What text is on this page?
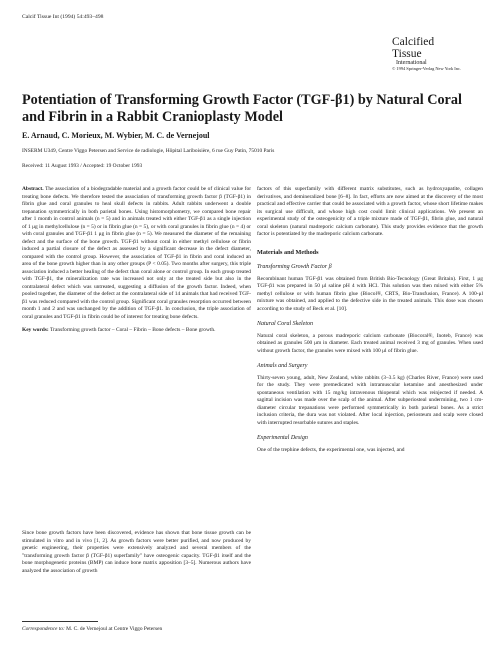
Calcif Tissue Int (1994) 54:493–498
Calcified
Tissue
International
© 1994 Springer-Verlag New York Inc.
Potentiation of Transforming Growth Factor (TGF-β1) by Natural Coral and Fibrin in a Rabbit Cranioplasty Model
E. Arnaud, C. Morieux, M. Wybier, M. C. de Vernejoul
INSERM U349, Centre Viggo Petersen and Service de radiologie, Hôpital Lariboisière, 6 rue Guy Patin, 75010 Paris
Received: 11 August 1993 / Accepted: 19 October 1993

Abstract. The association of a biodegradable material and a growth factor could be of clinical value for treating bone defects. We therefore tested the association of transforming growth factor β (TGF-β1) in fibrin glue and coral granules to heal skull defects in rabbits. Adult rabbits underwent a double trepanation symmetrically in both parietal bones. Using histomorphometry, we compared bone repair after 1 month in control animals (n = 5) and in animals treated with either TGF-β1 as a single injection of 1 μg in methylcellulose (n = 5) or in fibrin glue (n = 5), or with coral granules in fibrin glue (n = 4) or with coral granules and TGF-β1 1 μg in fibrin glue (n = 5). We measured the diameter of the remaining defect and the surface of the bone growth. TGF-β1 without coral in either methyl cellulose or fibrin induced a partial closure of the defect as assessed by a significant decrease in the defect diameter, compared with the control group. However, the association of TGF-β1 in fibrin and coral induced an area of the bone growth higher than in any other groups (P < 0.05). Two months after surgery, this triple association induced a better healing of the defect than coral alone or control group. In each group treated with TGF-β1, the mineralization rate was increased not only at the treated side but also in the contralateral defect which was untreated, suggesting a diffusion of the growth factor. Indeed, when pooled together, the diameter of the defect at the contralateral side of 14 animals that had received TGF-β1 was reduced compared with the control group. Significant coral granules resorption occurred between month 1 and 2 and was unchanged by the addition of TGF-β1. In conclusion, the triple association of coral granules and TGF-β1 in fibrin could be of interest for treating bone defects.

Key words: Transforming growth factor – Coral – Fibrin – Bone defects – Bone growth.

Since bone growth factors have been discovered, evidence has shown that bone tissue growth can be stimulated in vitro and in vivo [1, 2]. As growth factors were better purified, and now produced by genetic engineering, their properties were extensively analyzed and several members of the "transforming growth factor β (TGF-β1) superfamily" have osteogenic capacity. TGF-β1 itself and the bone morphogenetic proteins (BMP) can induce bone matrix apposition [3–5]. Numerous authors have analyzed the association of growth

Correspondence to: M. C. de Vernejoul at Centre Viggo Petersen

factors of this superfamily with different matrix substitutes, such as hydroxyapatite, collagen derivatives, and demineralized bone [6–8]. In fact, efforts are now aimed at the discovery of the most practical and effective carrier that could be associated with a growth factor, whose short lifetime makes its surgical use difficult, and whose high cost could limit clinical applications. We present an experimental study of the osteogenicity of a triple mixture made of TGF-β1, fibrin glue, and natural coral skeleton (natural madreporic calcium carbonate). This study provides evidence that the growth factor is potentiated by the madreporic calcium carbonate.

Materials and Methods

Transforming Growth Factor β

Recombinant human TGF-β1 was obtained from British Bio-Tecnology (Great Britain). First, 1 μg TGF-β1 was prepared in 50 μl saline pH 4 with HCl. This solution was then mixed with either 5% methyl cellulose or with human fibrin glue (Biocol®, CRTS, Bio-Transfusion, France). A 100-μl mixture was obtained, and applied to the defective side in the treated animals. This dose was chosen according to the study of Beck et al. [10].

Natural Coral Skeleton

Natural coral skeleton, a porous madreporic calcium carbonate (Biocoral®, Inoteb, France) was obtained as granules 500 μm in diameter. Each treated animal received 3 mg of granules. When used without growth factor, the granules were mixed with 100 μl of fibrin glue.

Animals and Surgery

Thirty-seven young, adult, New Zealand, white rabbits (3–3.5 kg) (Charles River, France) were used for the study. They were premedicated with intramuscular ketamine and anesthesized under spontaneous ventilation with 15 mg/kg intravenous thiopental which was reinjected if needed. A sagittal incision was made over the scalp of the animal. After subperiosteal undermining, two 1 cm-diameter circular trepanations were performed symmetrically in both parietal bones. As a strict inclusion criteria, the dura was not violated. After local injection, periosteum and scalp were closed with interrupted resorbable sutures and staples.

Experimental Design

One of the trephine defects, the experimental one, was injected, and
